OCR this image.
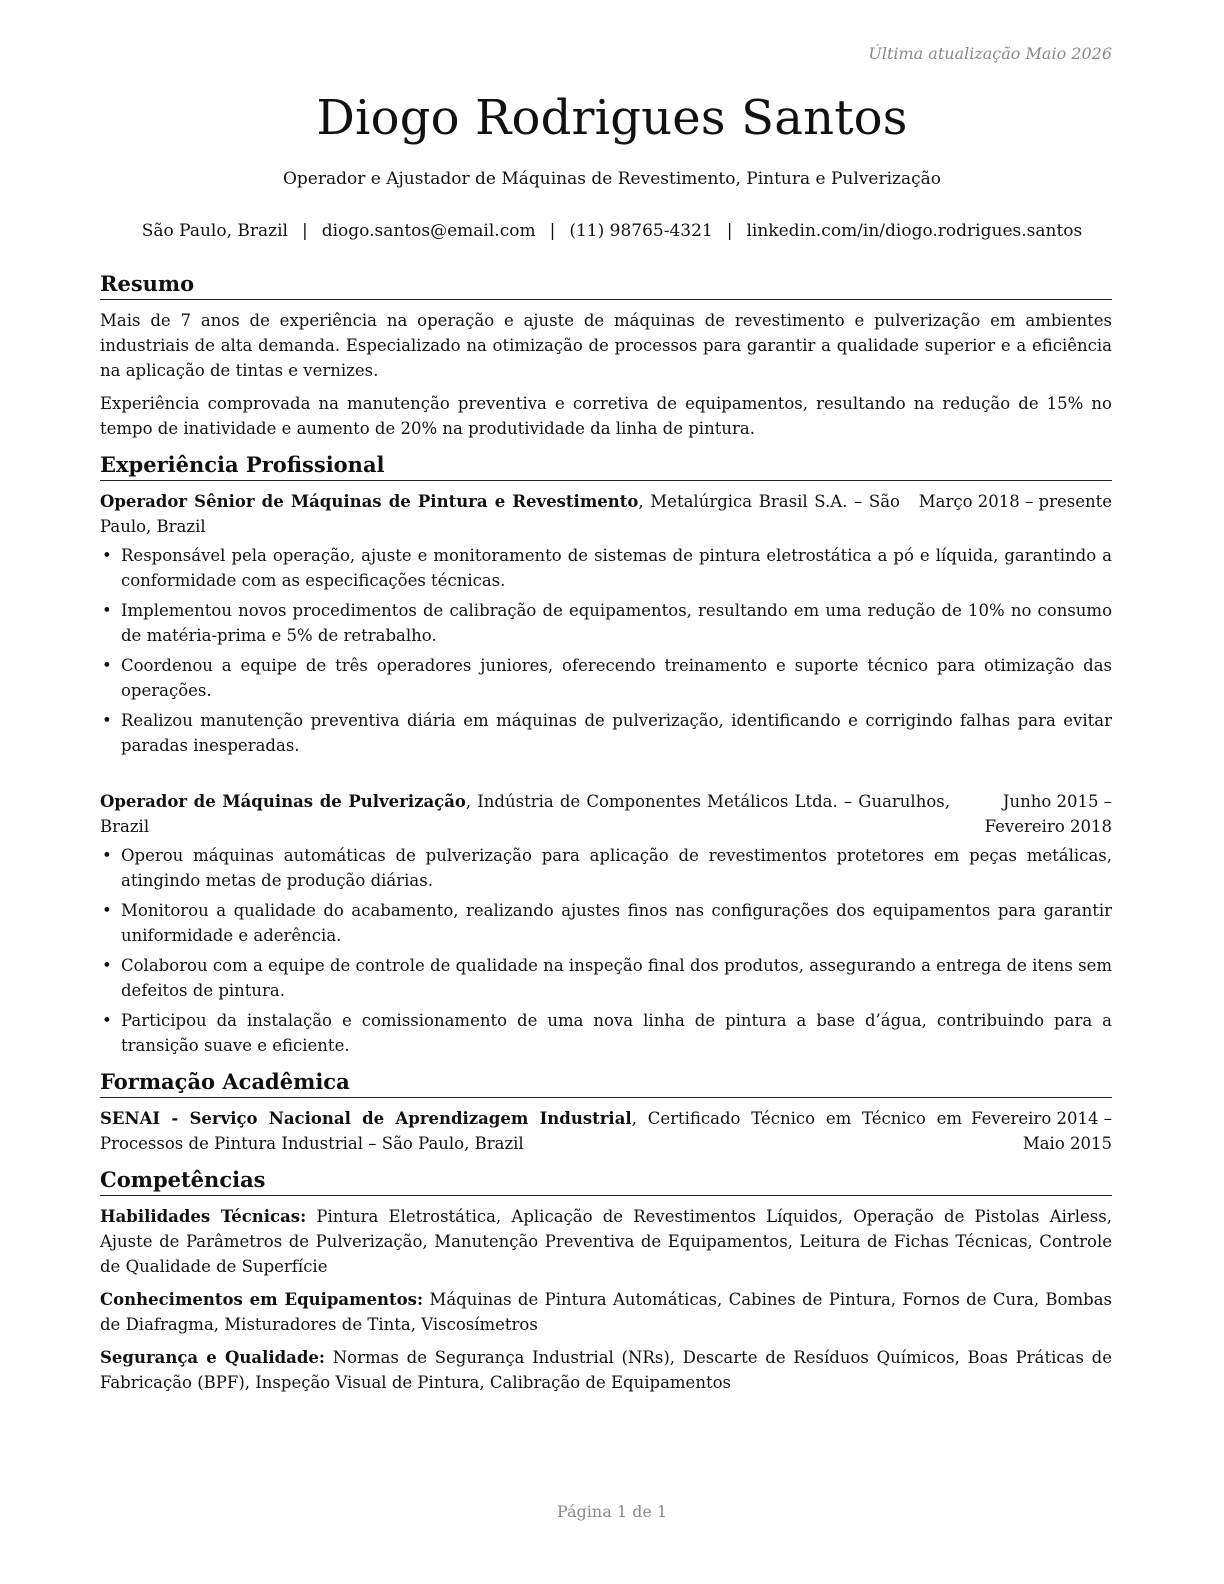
Última atualização Maio 2026
Diogo Rodrigues Santos
Operador e Ajustador de Máquinas de Revestimento, Pintura e Pulverização
São Paulo, Brazil | diogo.santos@email.com | (11) 98765-4321 | linkedin.com/in/diogo.rodrigues.santos
Resumo

Mais de 7 anos de experiência na operação e ajuste de máquinas de revestimento e pulverização em ambientes industriais de alta demanda. Especializado na otimização de processos para garantir a qualidade superior e a eficiência na aplicação de tintas e vernizes.

Experiência comprovada na manutenção preventiva e corretiva de equipamentos, resultando na redução de 15% no tempo de inatividade e aumento de 20% na produtividade da linha de pintura.

Experiência Profissional
Operador Sênior de Máquinas de Pintura e Revestimento, Metalúrgica Brasil S.A. – São Paulo, Brazil
Março 2018 – presente
• Responsável pela operação, ajuste e monitoramento de sistemas de pintura eletrostática a pó e líquida, garantindo a conformidade com as especificações técnicas.
• Implementou novos procedimentos de calibração de equipamentos, resultando em uma redução de 10% no consumo de matéria-prima e 5% de retrabalho.
• Coordenou a equipe de três operadores juniores, oferecendo treinamento e suporte técnico para otimização das operações.
• Realizou manutenção preventiva diária em máquinas de pulverização, identificando e corrigindo falhas para evitar paradas inesperadas.
Operador de Máquinas de Pulverização, Indústria de Componentes Metálicos Ltda. – Guarulhos, Brazil
Junho 2015 – Fevereiro 2018
• Operou máquinas automáticas de pulverização para aplicação de revestimentos protetores em peças metálicas, atingindo metas de produção diárias.
• Monitorou a qualidade do acabamento, realizando ajustes finos nas configurações dos equipamentos para garantir uniformidade e aderência.
• Colaborou com a equipe de controle de qualidade na inspeção final dos produtos, assegurando a entrega de itens sem defeitos de pintura.
• Participou da instalação e comissionamento de uma nova linha de pintura a base d’água, contribuindo para a transição suave e eficiente.
Formação Acadêmica
SENAI - Serviço Nacional de Aprendizagem Industrial, Certificado Técnico em Técnico em Processos de Pintura Industrial – São Paulo, Brazil
Fevereiro 2014 – Maio 2015
Competências

Habilidades Técnicas: Pintura Eletrostática, Aplicação de Revestimentos Líquidos, Operação de Pistolas Airless, Ajuste de Parâmetros de Pulverização, Manutenção Preventiva de Equipamentos, Leitura de Fichas Técnicas, Controle de Qualidade de Superfície

Conhecimentos em Equipamentos: Máquinas de Pintura Automáticas, Cabines de Pintura, Fornos de Cura, Bombas de Diafragma, Misturadores de Tinta, Viscosímetros

Segurança e Qualidade: Normas de Segurança Industrial (NRs), Descarte de Resíduos Químicos, Boas Práticas de Fabricação (BPF), Inspeção Visual de Pintura, Calibração de Equipamentos

Página 1 de 1
